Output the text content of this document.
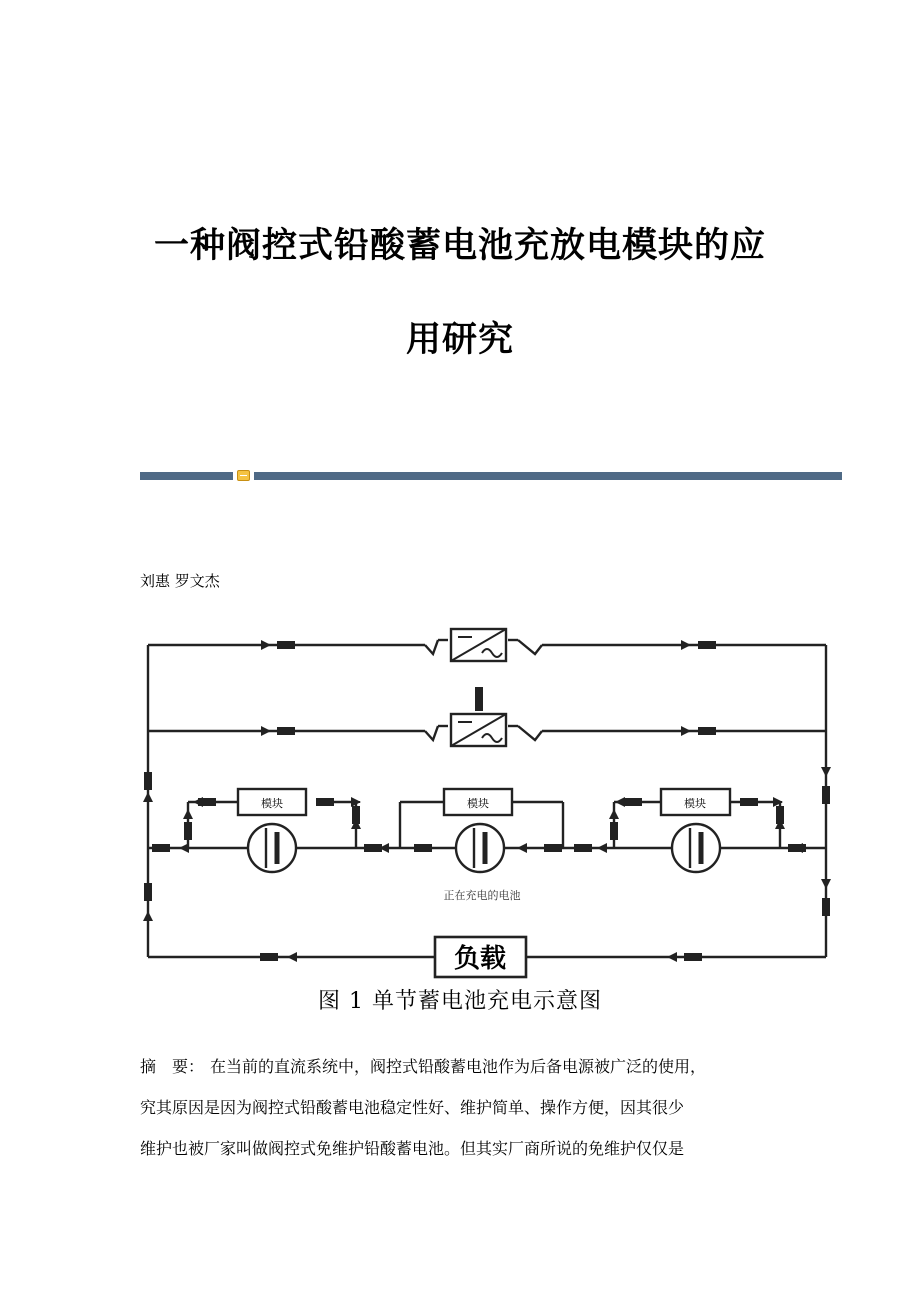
一种阀控式铅酸蓄电池充放电模块的应
用研究
刘惠 罗文杰
模块	模块	模块
正在充电的电池
负载
图 1 单节蓄电池充电示意图

摘　要： 在当前的直流系统中，阀控式铅酸蓄电池作为后备电源被广泛的使用，

究其原因是因为阀控式铅酸蓄电池稳定性好、维护简单、操作方便，因其很少

维护也被厂家叫做阀控式免维护铅酸蓄电池。但其实厂商所说的免维护仅仅是
